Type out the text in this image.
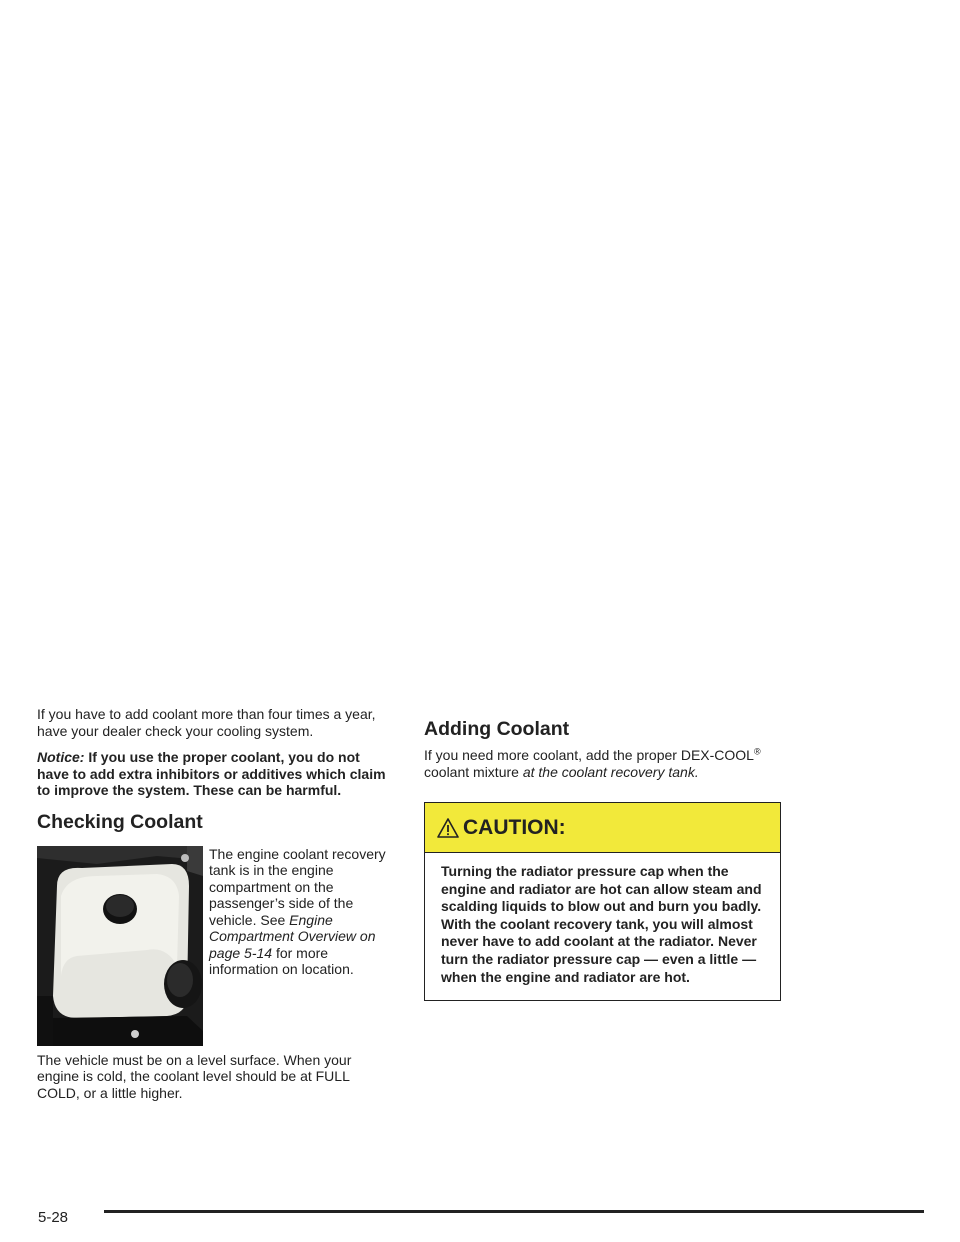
If you have to add coolant more than four times a year, have your dealer check your cooling system.

Notice: If you use the proper coolant, you do not have to add extra inhibitors or additives which claim to improve the system. These can be harmful.

Checking Coolant

The engine coolant recovery tank is in the engine compartment on the passenger’s side of the vehicle. See Engine Compartment Overview on page 5-14 for more information on location.

The vehicle must be on a level surface. When your engine is cold, the coolant level should be at FULL COLD, or a little higher.

Adding Coolant

If you need more coolant, add the proper DEX-COOL® coolant mixture at the coolant recovery tank.

CAUTION:
Turning the radiator pressure cap when the engine and radiator are hot can allow steam and scalding liquids to blow out and burn you badly. With the coolant recovery tank, you will almost never have to add coolant at the radiator. Never turn the radiator pressure cap — even a little — when the engine and radiator are hot.
5-28
